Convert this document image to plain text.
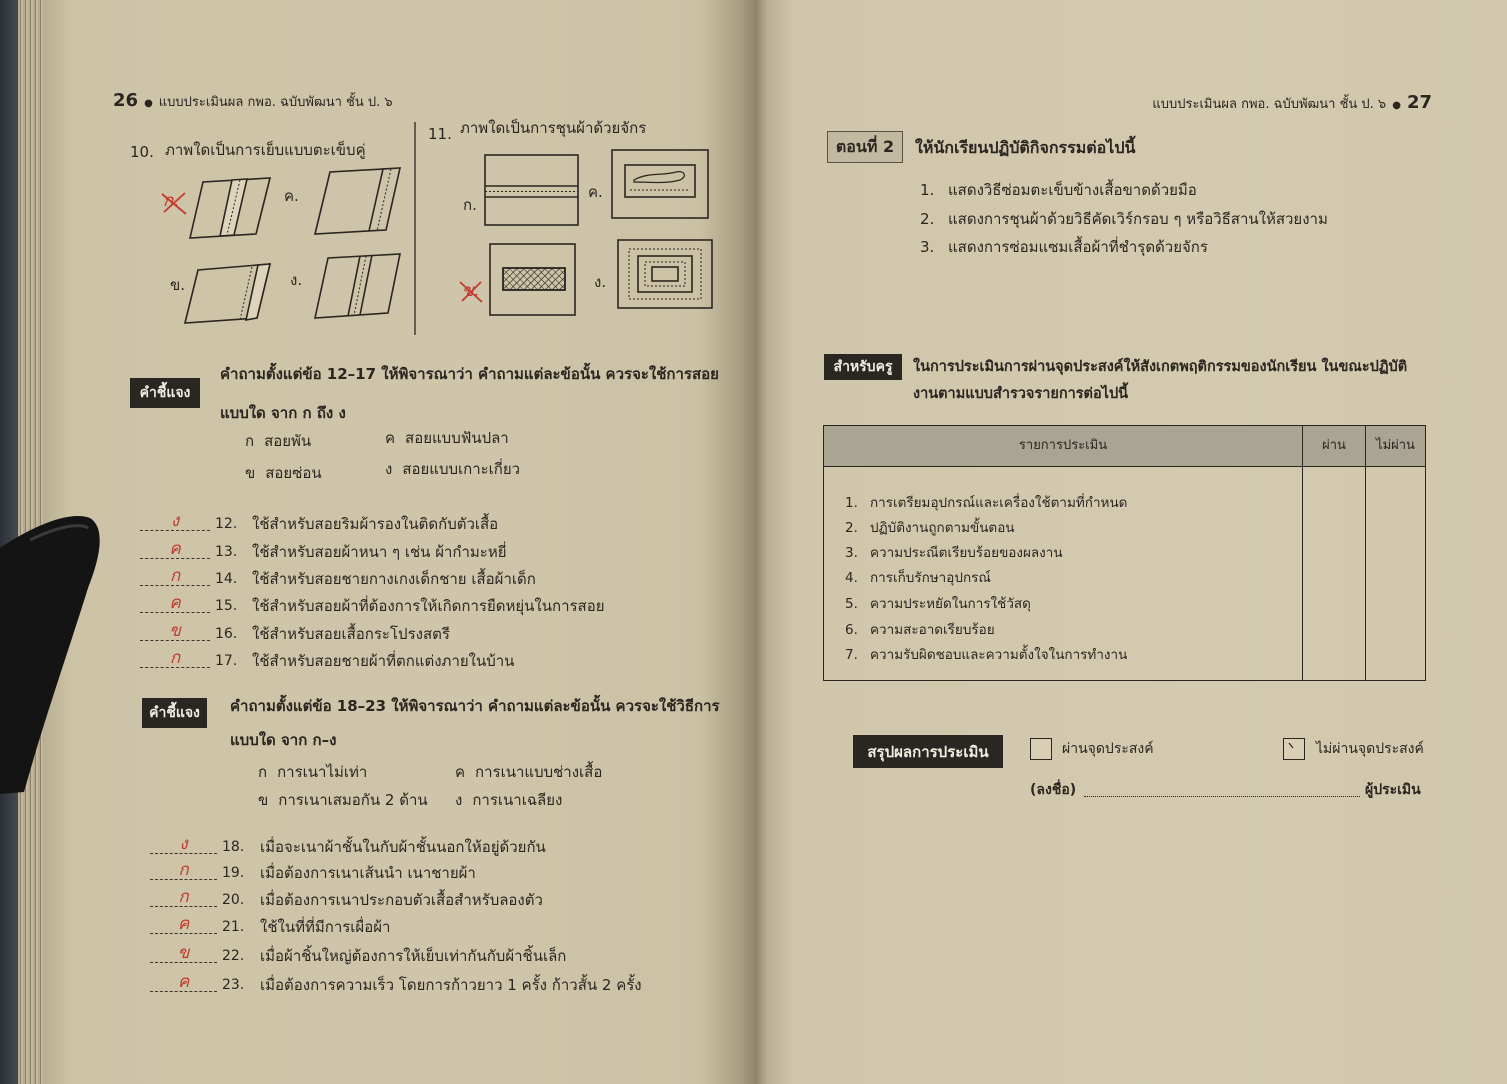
26 ● แบบประเมินผล กพอ. ฉบับพัฒนา ชั้น ป. ๖
10. ภาพใดเป็นการเย็บแบบตะเข็บคู่
ก.	ค.
ข.	ง.
11. ภาพใดเป็นการชุนผ้าด้วยจักร
ก.
ค.
ข.	ง.
คำชี้แจง
คำถามตั้งแต่ข้อ 12–17 ให้พิจารณาว่า คำถามแต่ละข้อนั้น ควรจะใช้การสอย
แบบใด จาก ก ถึง ง
ก สอยพัน	ค สอยแบบฟันปลา
ข สอยซ่อน	ง สอยแบบเกาะเกี่ยว
ง	12. ใช้สำหรับสอยริมผ้ารองในติดกับตัวเสื้อ
ค	13. ใช้สำหรับสอยผ้าหนา ๆ เช่น ผ้ากำมะหยี่
ก	14. ใช้สำหรับสอยชายกางเกงเด็กชาย เสื้อผ้าเด็ก
ค	15. ใช้สำหรับสอยผ้าที่ต้องการให้เกิดการยืดหยุ่นในการสอย
ข	16. ใช้สำหรับสอยเสื้อกระโปรงสตรี
ก	17. ใช้สำหรับสอยชายผ้าที่ตกแต่งภายในบ้าน
คำชี้แจง	คำถามตั้งแต่ข้อ 18–23 ให้พิจารณาว่า คำถามแต่ละข้อนั้น ควรจะใช้วิธีการ
แบบใด จาก ก–ง
ก การเนาไม่เท่า	ค การเนาแบบช่างเสื้อ
ข การเนาเสมอกัน 2 ด้าน ง การเนาเฉลียง
ง	18. เมื่อจะเนาผ้าชั้นในกับผ้าชั้นนอกให้อยู่ด้วยกัน
ก	19. เมื่อต้องการเนาเส้นนำ เนาชายผ้า
ก	20. เมื่อต้องการเนาประกอบตัวเสื้อสำหรับลองตัว
ค	21. ใช้ในที่ที่มีการเผื่อผ้า
ข	22. เมื่อผ้าชิ้นใหญ่ต้องการให้เย็บเท่ากันกับผ้าชิ้นเล็ก
ค	23. เมื่อต้องการความเร็ว โดยการก้าวยาว 1 ครั้ง ก้าวสั้น 2 ครั้ง
แบบประเมินผล กพอ. ฉบับพัฒนา ชั้น ป. ๖ ● 27
ตอนที่ 2	ให้นักเรียนปฏิบัติกิจกรรมต่อไปนี้
1. แสดงวิธีซ่อมตะเข็บข้างเสื้อขาดด้วยมือ
2. แสดงการชุนผ้าด้วยวิธีคัดเวิร์กรอบ ๆ หรือวิธีสานให้สวยงาม
3. แสดงการซ่อมแซมเสื้อผ้าที่ชำรุดด้วยจักร
สำหรับครู	ในการประเมินการผ่านจุดประสงค์ให้สังเกตพฤติกรรมของนักเรียน ในขณะปฏิบัติ
งานตามแบบสำรวจรายการต่อไปนี้
รายการประเมิน	ผ่าน	ไม่ผ่าน
1. การเตรียมอุปกรณ์และเครื่องใช้ตามที่กำหนด
2. ปฏิบัติงานถูกตามขั้นตอน
3. ความประณีตเรียบร้อยของผลงาน
4. การเก็บรักษาอุปกรณ์
5. ความประหยัดในการใช้วัสดุ
6. ความสะอาดเรียบร้อย
7. ความรับผิดชอบและความตั้งใจในการทำงาน
สรุปผลการประเมิน	ผ่านจุดประสงค์	ไม่ผ่านจุดประสงค์
(ลงชื่อ)	ผู้ประเมิน
